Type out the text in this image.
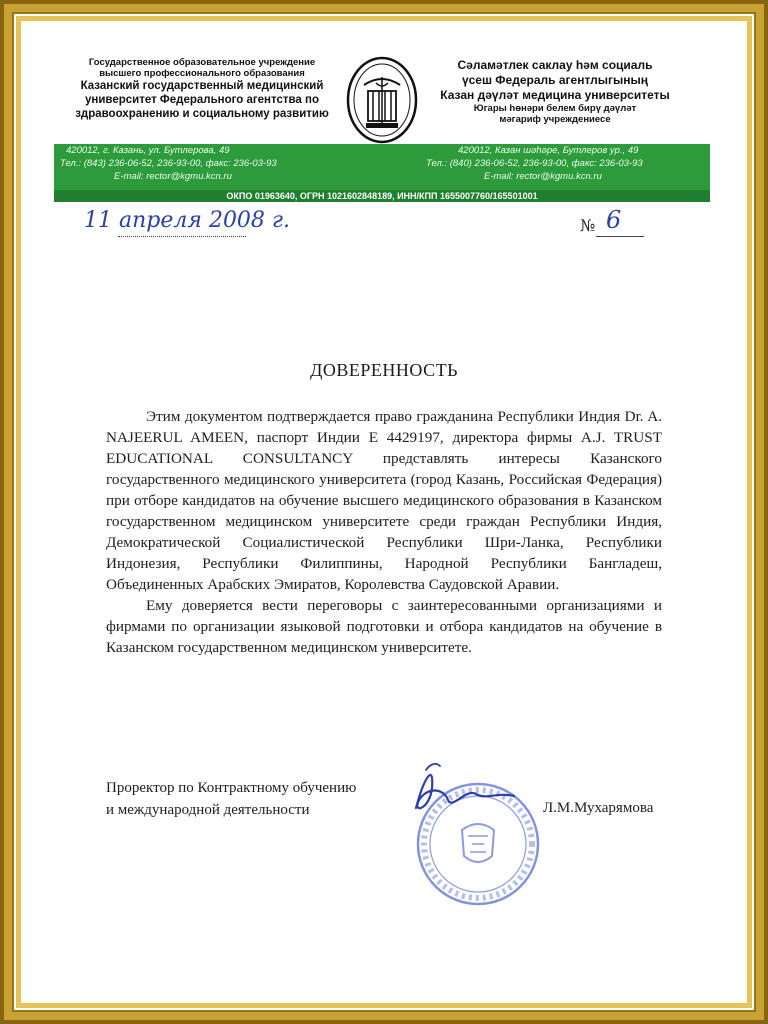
Государственное образовательное учреждение
высшего профессионального образования
Казанский государственный медицинский
университет Федерального агентства по
здравоохранению и социальному развитию
Сәламәтлек саклау һәм социаль
үсеш Федераль агентлыгының
Казан дәүләт медицина университеты
Югары һөнәри белем бирү дәүләт
мәгариф учреждениесе
420012, г. Казань, ул. Бутлерова, 49
Тел.: (843) 236-06-52, 236-93-00, факс: 236-03-93
E-mail: rector@kgmu.kcn.ru
420012, Казан шәһәре, Бутлеров ур., 49
Тел.: (840) 236-06-52, 236-93-00, факс: 236-03-93
E-mail: rector@kgmu.kcn.ru
ОКПО 01963640, ОГРН 1021602848189, ИНН/КПП 1655007760/165501001
11 апреля 2008 г.	№ 6
ДОВЕРЕННОСТЬ

Этим документом подтверждается право гражданина Республики Индия Dr. A. NAJEERUL AMEEN, паспорт Индии E 4429197, директора фирмы A.J. TRUST EDUCATIONAL CONSULTANCY представлять интересы Казанского государственного медицинского университета (город Казань, Российская Федерация) при отборе кандидатов на обучение высшего медицинского образования в Казанском государственном медицинском университете среди граждан Республики Индия, Демократической Социалистической Республики Шри-Ланка, Республики Индонезия, Республики Филиппины, Народной Республики Бангладеш, Объединенных Арабских Эмиратов, Королевства Саудовской Аравии.

Ему доверяется вести переговоры с заинтересованными организациями и фирмами по организации языковой подготовки и отбора кандидатов на обучение в Казанском государственном медицинском университете.

Проректор по Контрактному обучению
и международной деятельности	Л.М.Мухарямова
